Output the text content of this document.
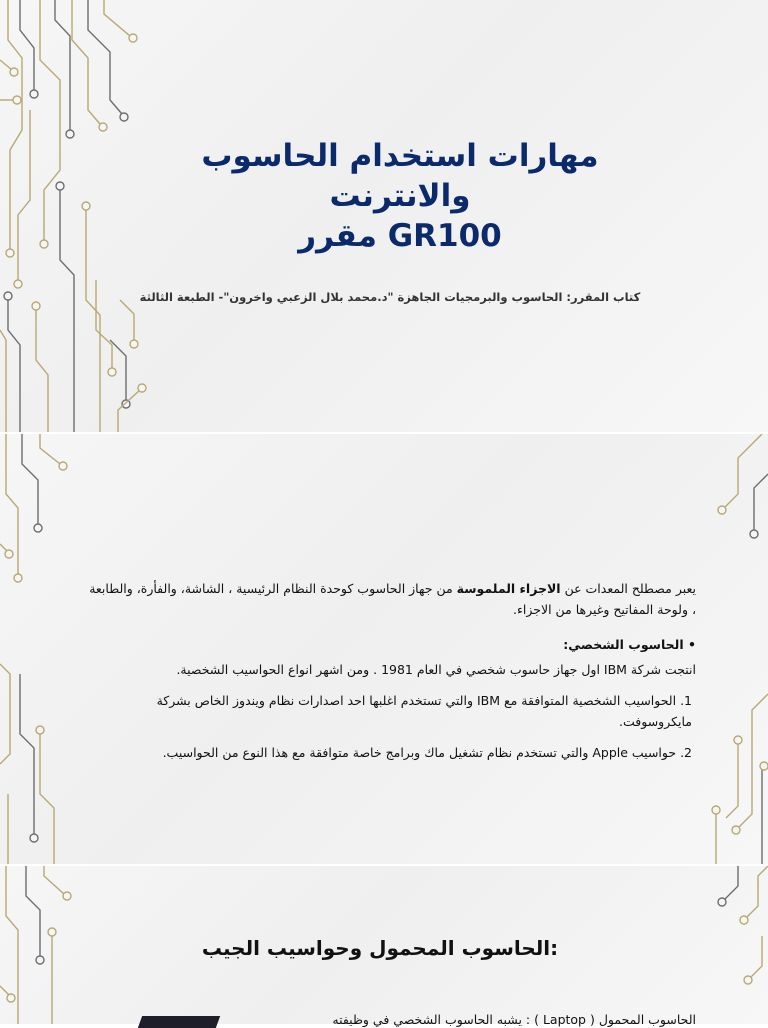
مهارات استخدام الحاسوب والانترنت
مقرر GR100
كتاب المقرر: الحاسوب والبرمجيات الجاهزة "د.محمد بلال الزعبي واخرون"- الطبعة الثالثة

يعبر مصطلح المعدات عن الاجزاء الملموسة من جهاز الحاسوب كوحدة النظام الرئيسية ، الشاشة، والفأرة، والطابعة ، ولوحة المفاتيح وغيرها من الاجزاء.

• الحاسوب الشخصي:

انتجت شركة IBM اول جهاز حاسوب شخصي في العام 1981 . ومن اشهر انواع الحواسيب الشخصية.

1. الحواسيب الشخصية المتوافقة مع IBM والتي تستخدم اغلبها احد اصدارات نظام ويندوز الخاص بشركة مايكروسوفت.

2. حواسيب Apple والتي تستخدم نظام تشغيل ماك وبرامج خاصة متوافقة مع هذا النوع من الحواسيب.

الحاسوب المحمول وحواسيب الجيب:
الحاسوب المحمول ( Laptop ) : يشبه الحاسوب الشخصي في وظيفته
